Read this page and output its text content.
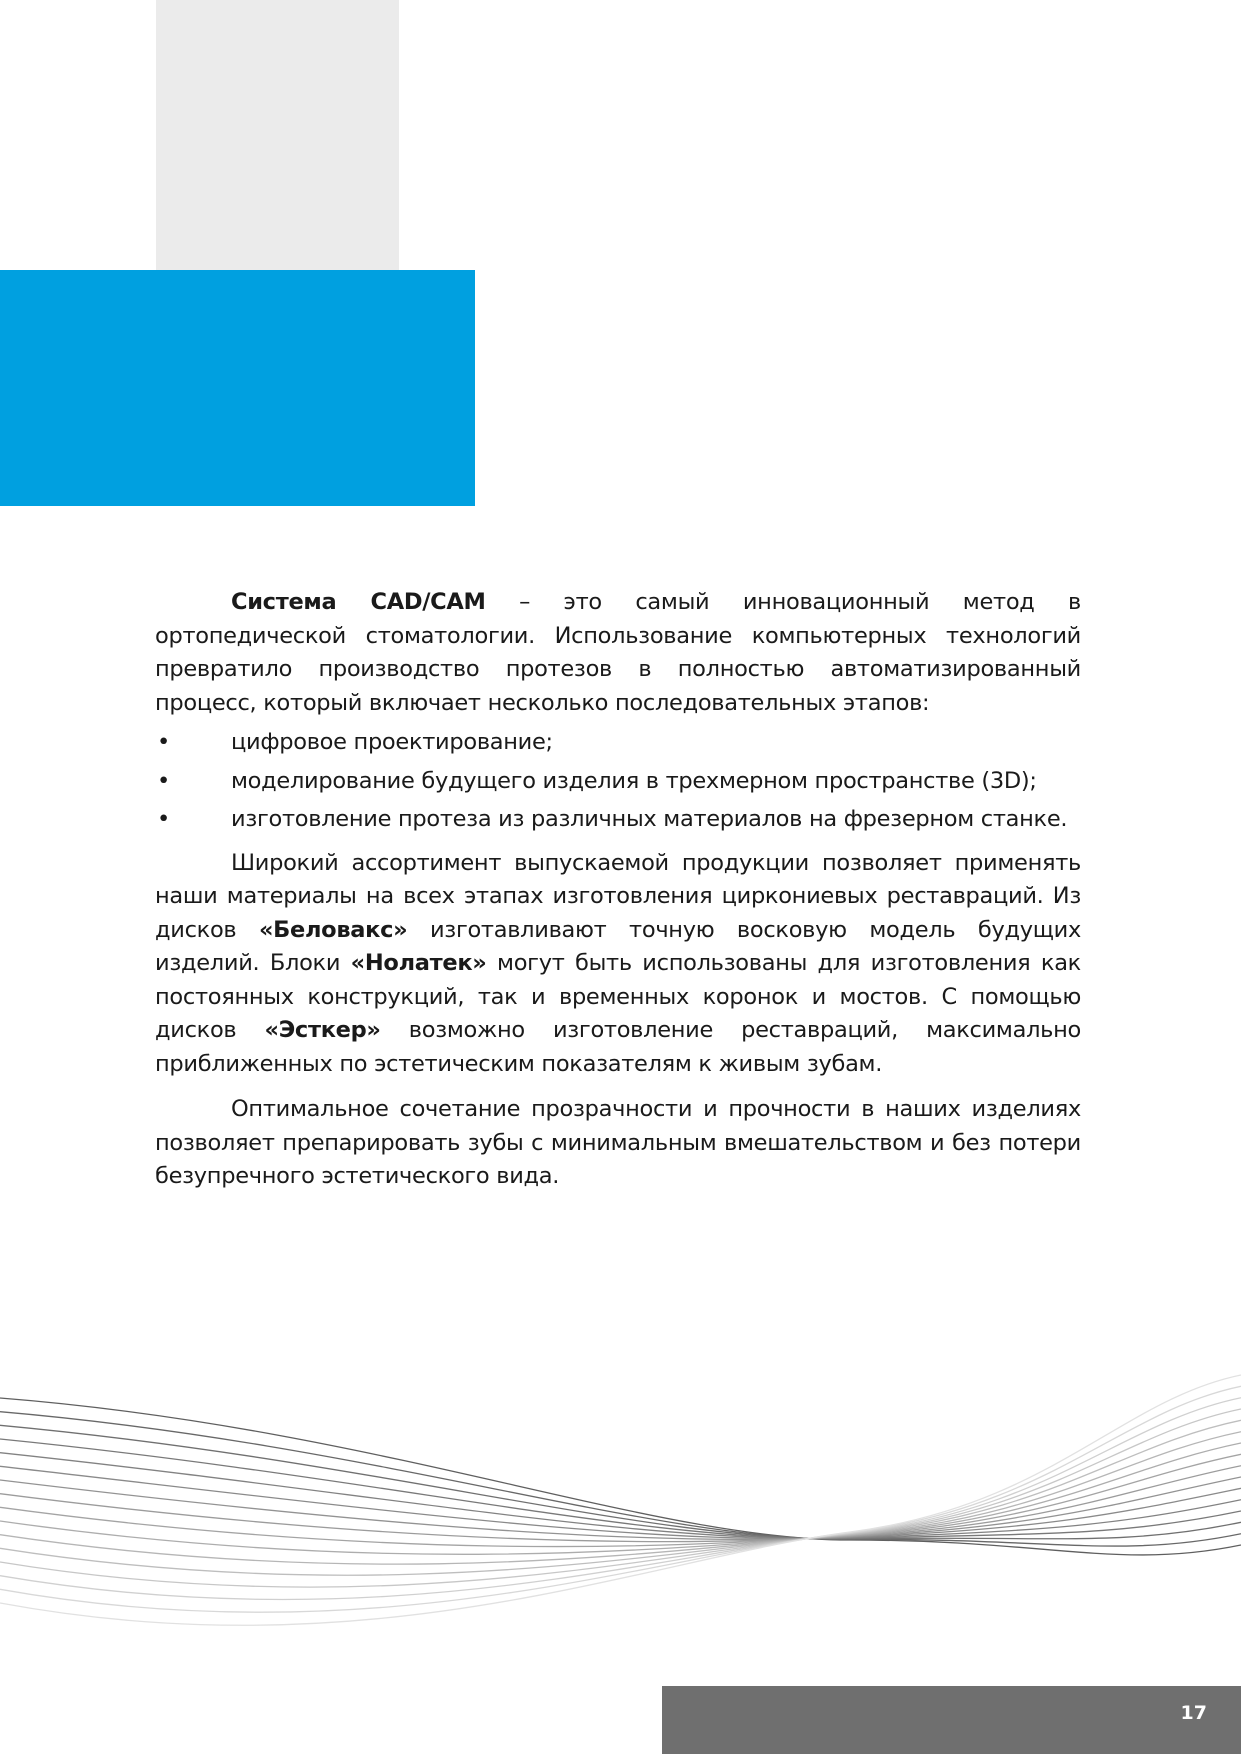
Система CAD/CAM – это самый инновационный метод в ортопедической стоматологии. Использование компьютерных технологий превратило производство протезов в полностью автоматизированный процесс, который включает несколько последовательных этапов:

•	цифровое проектирование;
•	моделирование будущего изделия в трехмерном пространстве (3D);
•	изготовление протеза из различных материалов на фрезерном станке.

Широкий ассортимент выпускаемой продукции позволяет применять наши материалы на всех этапах изготовления циркониевых реставраций. Из дисков «Беловакс» изготавливают точную восковую модель будущих изделий. Блоки «Нолатек» могут быть использованы для изготовления как постоянных конструкций, так и временных коронок и мостов. С помощью дисков «Эсткер» возможно изготовление реставраций, максимально приближенных по эстетическим показателям к живым зубам.

Оптимальное сочетание прозрачности и прочности в наших изделиях позволяет препарировать зубы с минимальным вмешательством и без потери безупречного эстетического вида.

17
